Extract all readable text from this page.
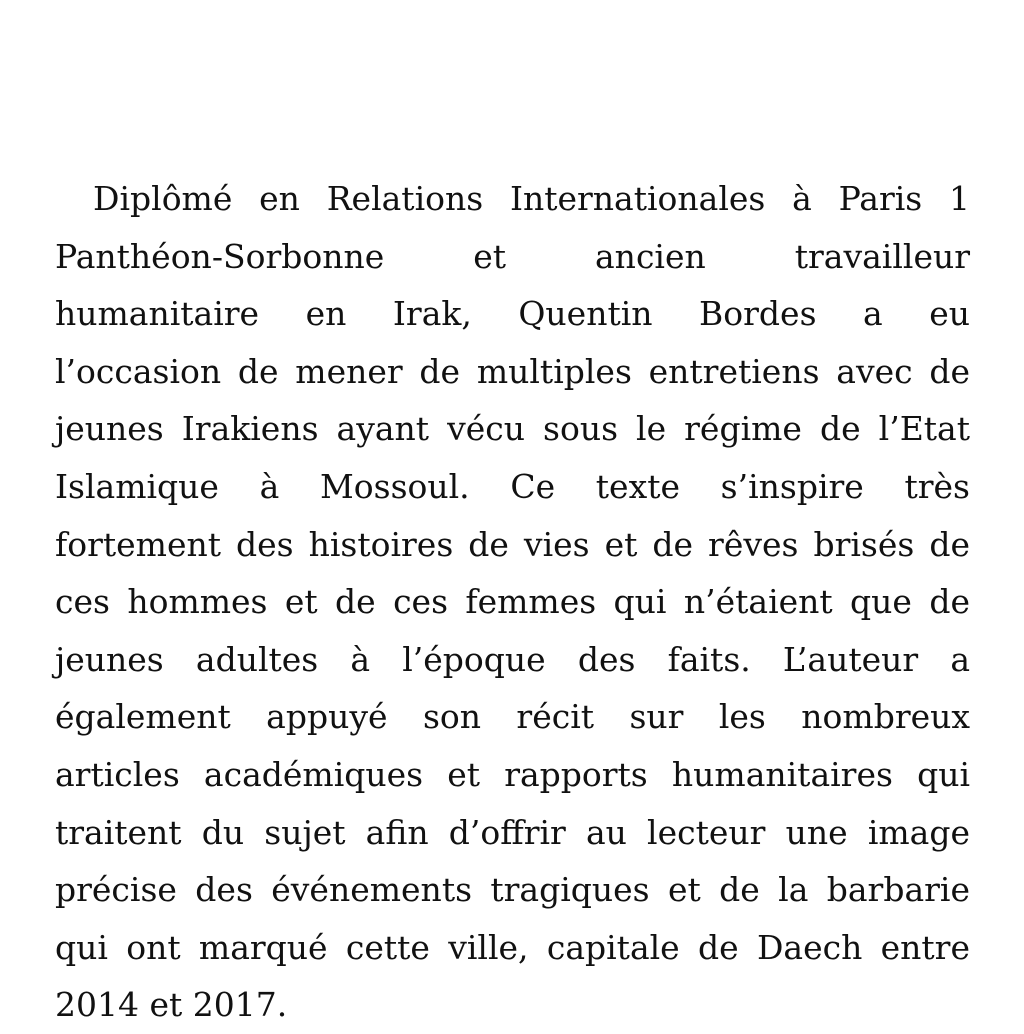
Diplômé en Relations Internationales à Paris 1
Panthéon-Sorbonne et ancien travailleur
humanitaire en Irak, Quentin Bordes a eu
l’occasion de mener de multiples entretiens avec de
jeunes Irakiens ayant vécu sous le régime de l’Etat
Islamique à Mossoul. Ce texte s’inspire très
fortement des histoires de vies et de rêves brisés de
ces hommes et de ces femmes qui n’étaient que de
jeunes adultes à l’époque des faits. L’auteur a
également appuyé son récit sur les nombreux
articles académiques et rapports humanitaires qui
traitent du sujet afin d’offrir au lecteur une image
précise des événements tragiques et de la barbarie
qui ont marqué cette ville, capitale de Daech entre
2014 et 2017.
